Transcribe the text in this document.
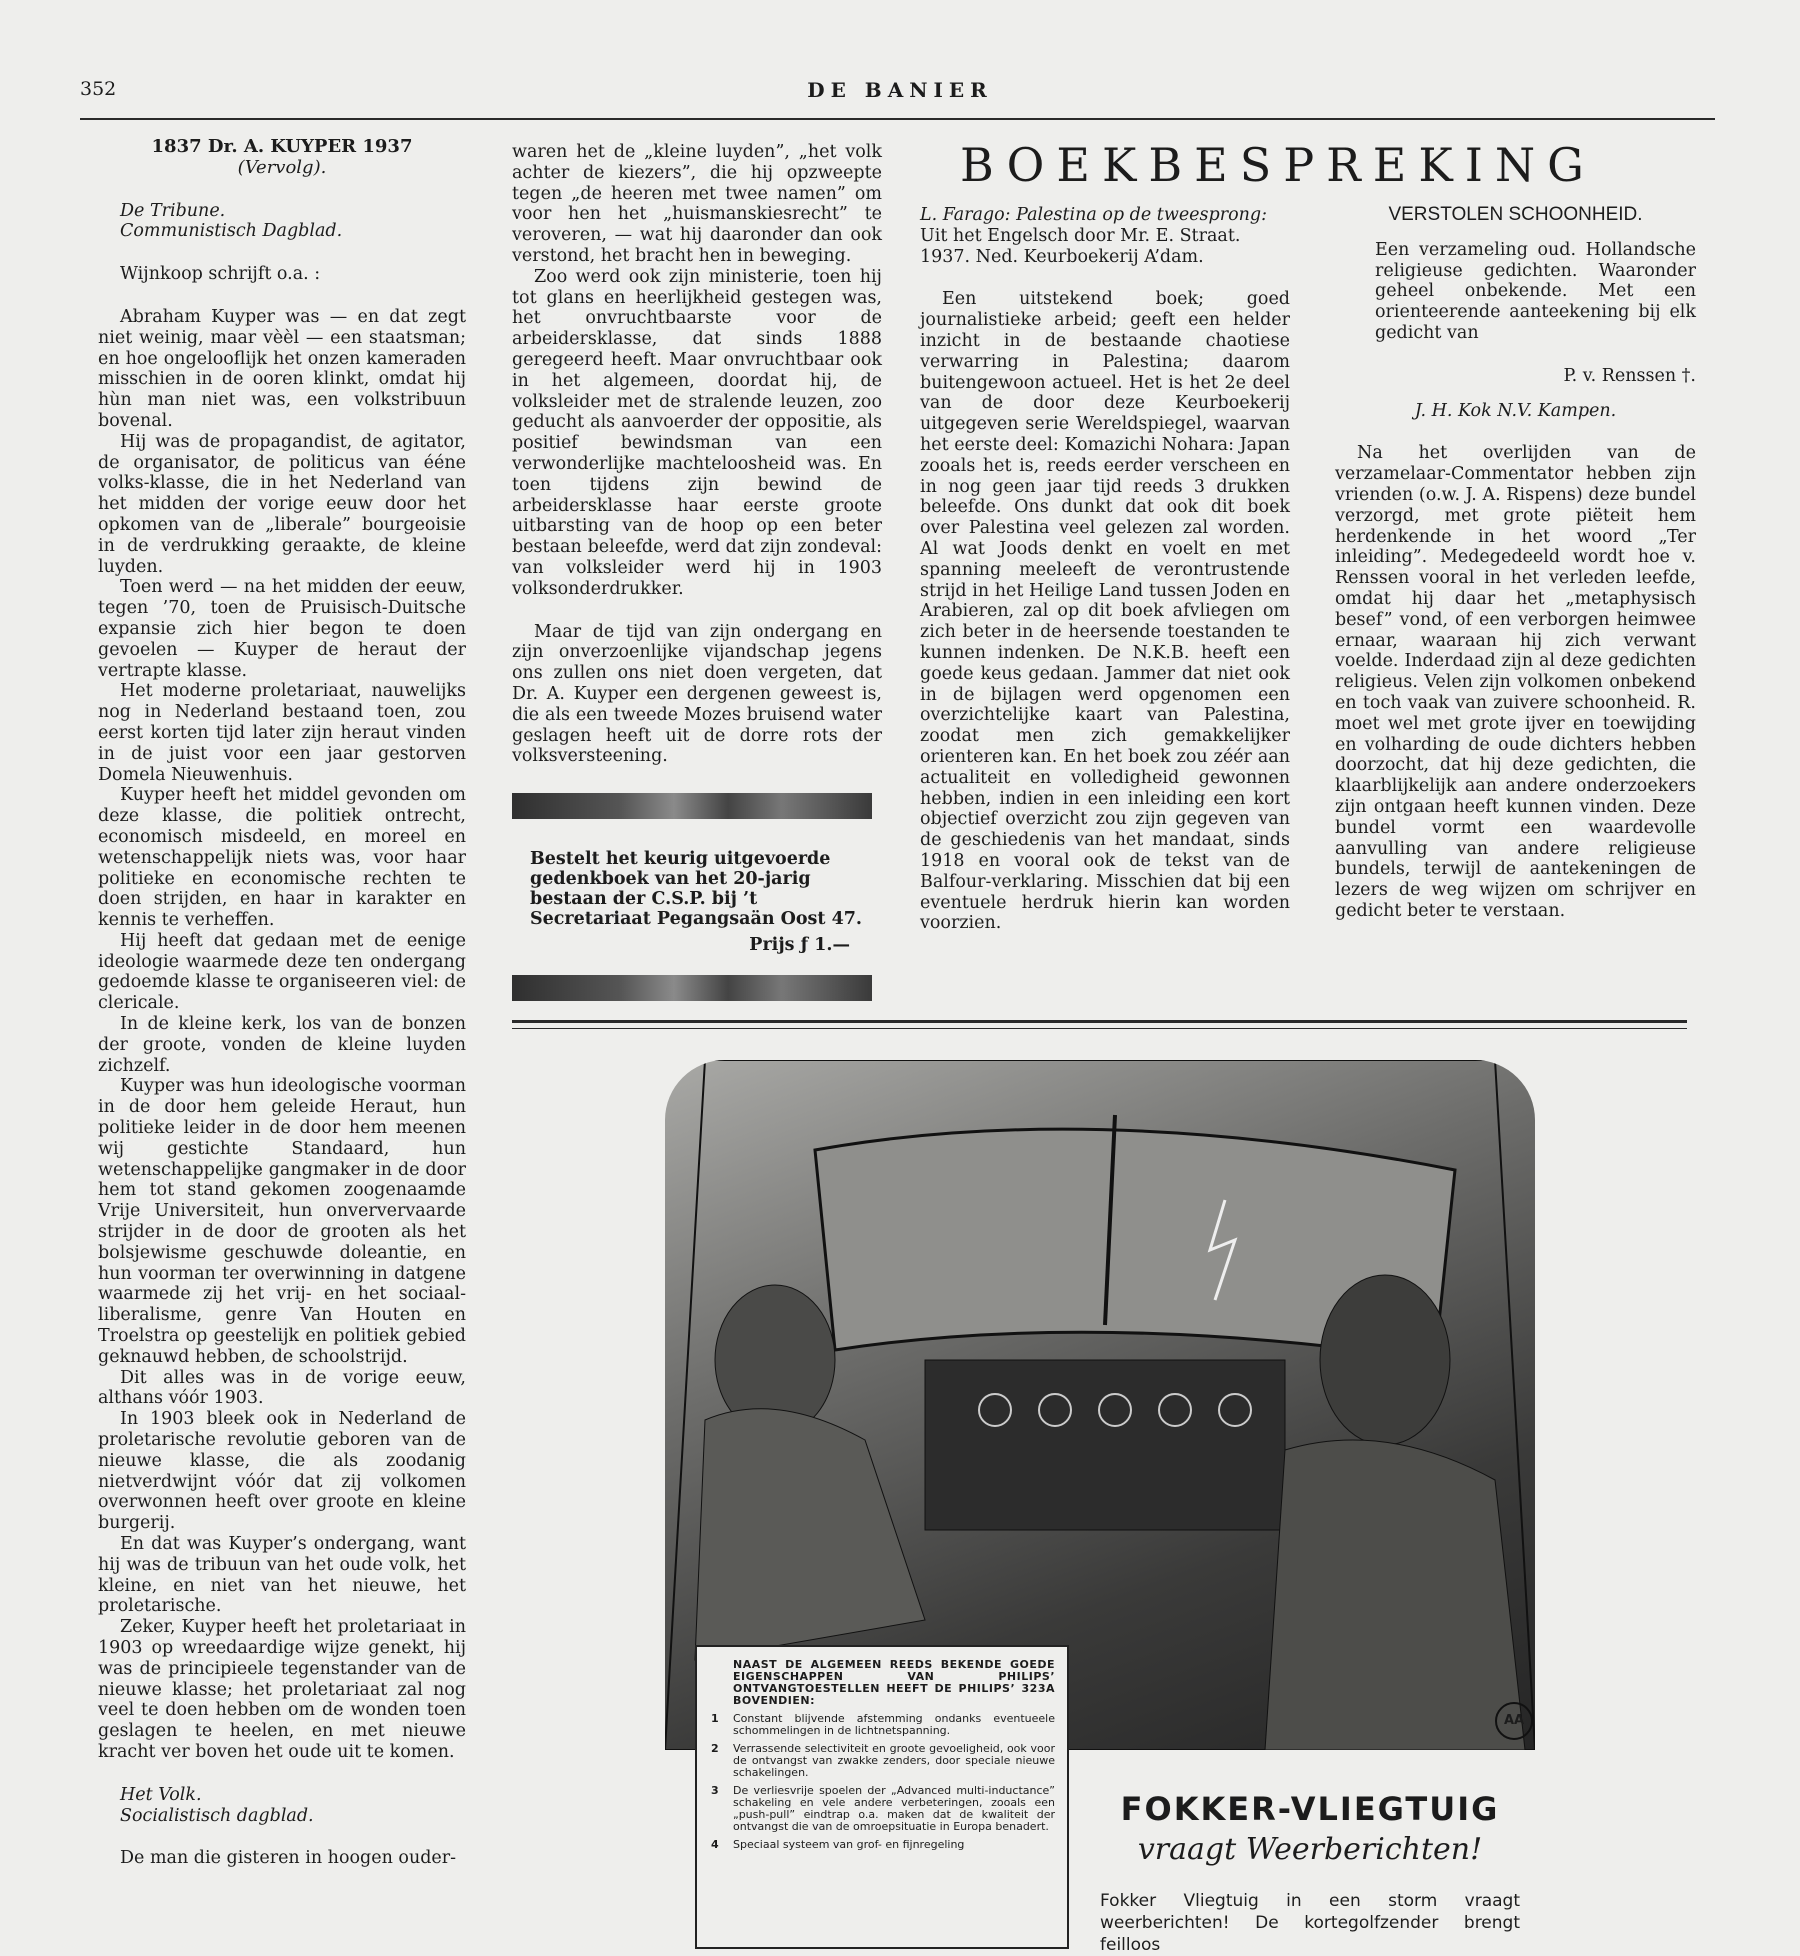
352	DE BANIER
1837 Dr. A. KUYPER 1937
(Vervolg).

De Tribune.

Communistisch Dagblad.

Wijnkoop schrijft o.a. :

Abraham Kuyper was — en dat zegt niet weinig, maar vèèl — een staatsman; en hoe ongelooflijk het onzen kameraden misschien in de ooren klinkt, omdat hij hùn man niet was, een volkstribuun bovenal.

Hij was de propagandist, de agitator, de organisator, de politicus van ééne volks-klasse, die in het Nederland van het midden der vorige eeuw door het opkomen van de „liberale” bourgeoisie in de verdrukking geraakte, de kleine luyden.

Toen werd — na het midden der eeuw, tegen ’70, toen de Pruisisch-Duitsche expansie zich hier begon te doen gevoelen — Kuyper de heraut der vertrapte klasse.

Het moderne proletariaat, nauwelijks nog in Nederland bestaand toen, zou eerst korten tijd later zijn heraut vinden in de juist voor een jaar gestorven Domela Nieuwenhuis.

Kuyper heeft het middel gevonden om deze klasse, die politiek ontrecht, economisch misdeeld, en moreel en wetenschappelijk niets was, voor haar politieke en economische rechten te doen strijden, en haar in karakter en kennis te verheffen.

Hij heeft dat gedaan met de eenige ideologie waarmede deze ten ondergang gedoemde klasse te organiseeren viel: de clericale.

In de kleine kerk, los van de bonzen der groote, vonden de kleine luyden zichzelf.

Kuyper was hun ideologische voorman in de door hem geleide Heraut, hun politieke leider in de door hem meenen wij gestichte Standaard, hun wetenschappelijke gangmaker in de door hem tot stand gekomen zoogenaamde Vrije Universiteit, hun onververvaarde strijder in de door de grooten als het bolsjewisme geschuwde doleantie, en hun voorman ter overwinning in datgene waarmede zij het vrij- en het sociaal-liberalisme, genre Van Houten en Troelstra op geestelijk en politiek gebied geknauwd hebben, de schoolstrijd.

Dit alles was in de vorige eeuw, althans vóór 1903.

In 1903 bleek ook in Nederland de proletarische revolutie geboren van de nieuwe klasse, die als zoodanig nietverdwijnt vóór dat zij volkomen overwonnen heeft over groote en kleine burgerij.

En dat was Kuyper’s ondergang, want hij was de tribuun van het oude volk, het kleine, en niet van het nieuwe, het proletarische.

Zeker, Kuyper heeft het proletariaat in 1903 op wreedaardige wijze genekt, hij was de principieele tegenstander van de nieuwe klasse; het proletariaat zal nog veel te doen hebben om de wonden toen geslagen te heelen, en met nieuwe kracht ver boven het oude uit te komen.

Het Volk.

Socialistisch dagblad.

De man die gisteren in hoogen ouder-

waren het de „kleine luyden”, „het volk achter de kiezers”, die hij opzweepte tegen „de heeren met twee namen” om voor hen het „huismanskiesrecht” te veroveren, — wat hij daaronder dan ook verstond, het bracht hen in beweging.

Zoo werd ook zijn ministerie, toen hij tot glans en heerlijkheid gestegen was, het onvruchtbaarste voor de arbeidersklasse, dat sinds 1888 geregeerd heeft. Maar onvruchtbaar ook in het algemeen, doordat hij, de volksleider met de stralende leuzen, zoo geducht als aanvoerder der oppositie, als positief bewindsman van een verwonderlijke machteloosheid was. En toen tijdens zijn bewind de arbeidersklasse haar eerste groote uitbarsting van de hoop op een beter bestaan beleefde, werd dat zijn zondeval: van volksleider werd hij in 1903 volksonderdrukker.

Maar de tijd van zijn ondergang en zijn onverzoenlijke vijandschap jegens ons zullen ons niet doen vergeten, dat Dr. A. Kuyper een dergenen geweest is, die als een tweede Mozes bruisend water geslagen heeft uit de dorre rots der volksversteening.

Bestelt het keurig uitgevoerde gedenkboek van het 20-jarig bestaan der C.S.P. bij ’t Secretariaat Pegangsaän Oost 47.
Prijs ƒ 1.—
BOEKBESPREKING

L. Farago: Palestina op de tweesprong:

Uit het Engelsch door Mr. E. Straat.

1937. Ned. Keurboekerij A’dam.

Een uitstekend boek; goed journalistieke arbeid; geeft een helder inzicht in de bestaande chaotiese verwarring in Palestina; daarom buitengewoon actueel. Het is het 2e deel van de door deze Keurboekerij uitgegeven serie Wereldspiegel, waarvan het eerste deel: Komazichi Nohara: Japan zooals het is, reeds eerder verscheen en in nog geen jaar tijd reeds 3 drukken beleefde. Ons dunkt dat ook dit boek over Palestina veel gelezen zal worden. Al wat Joods denkt en voelt en met spanning meeleeft de verontrustende strijd in het Heilige Land tussen Joden en Arabieren, zal op dit boek afvliegen om zich beter in de heersende toestanden te kunnen indenken. De N.K.B. heeft een goede keus gedaan. Jammer dat niet ook in de bijlagen werd opgenomen een overzichtelijke kaart van Palestina, zoodat men zich gemakkelijker orienteren kan. En het boek zou zéér aan actualiteit en volledigheid gewonnen hebben, indien in een inleiding een kort objectief overzicht zou zijn gegeven van de geschiedenis van het mandaat, sinds 1918 en vooral ook de tekst van de Balfour-verklaring. Misschien dat bij een eventuele herdruk hierin kan worden voorzien.

VERSTOLEN SCHOONHEID.

Een verzameling oud. Hollandsche religieuse gedichten. Waaronder geheel onbekende. Met een orienteerende aanteekening bij elk gedicht van

P. v. Renssen †.

J. H. Kok N.V. Kampen.

Na het overlijden van de verzamelaar-Commentator hebben zijn vrienden (o.w. J. A. Rispens) deze bundel verzorgd, met grote piëteit hem herdenkende in het woord „Ter inleiding”. Medegedeeld wordt hoe v. Renssen vooral in het verleden leefde, omdat hij daar het „metaphysisch besef” vond, of een verborgen heimwee ernaar, waaraan hij zich verwant voelde. Inderdaad zijn al deze gedichten religieus. Velen zijn volkomen onbekend en toch vaak van zuivere schoonheid. R. moet wel met grote ijver en toewijding en volharding de oude dichters hebben doorzocht, dat hij deze gedichten, die klaarblijkelijk aan andere onderzoekers zijn ontgaan heeft kunnen vinden. Deze bundel vormt een waardevolle aanvulling van andere religieuse bundels, terwijl de aantekeningen de lezers de weg wijzen om schrijver en gedicht beter te verstaan.

AA
NAAST DE ALGEMEEN REEDS BEKENDE GOEDE EIGENSCHAPPEN VAN PHILIPS’ ONTVANGTOESTELLEN HEEFT DE PHILIPS’ 323A BOVENDIEN:
1 Constant blijvende afstemming ondanks eventueele schommelingen in de lichtnetspanning.
2 Verrassende selectiviteit en groote gevoeligheid, ook voor de ontvangst van zwakke zenders, door speciale nieuwe schakelingen.
3 De verliesvrije spoelen der „Advanced multi-inductance” schakeling en vele andere verbeteringen, zooals een „push-pull” eindtrap o.a. maken dat de kwaliteit der ontvangst die van de omroepsituatie in Europa benadert.
4 Speciaal systeem van grof- en fijnregeling
FOKKER-VLIEGTUIG
vraagt Weerberichten!
Fokker Vliegtuig in een storm vraagt weerberichten! De kortegolfzender brengt feilloos
